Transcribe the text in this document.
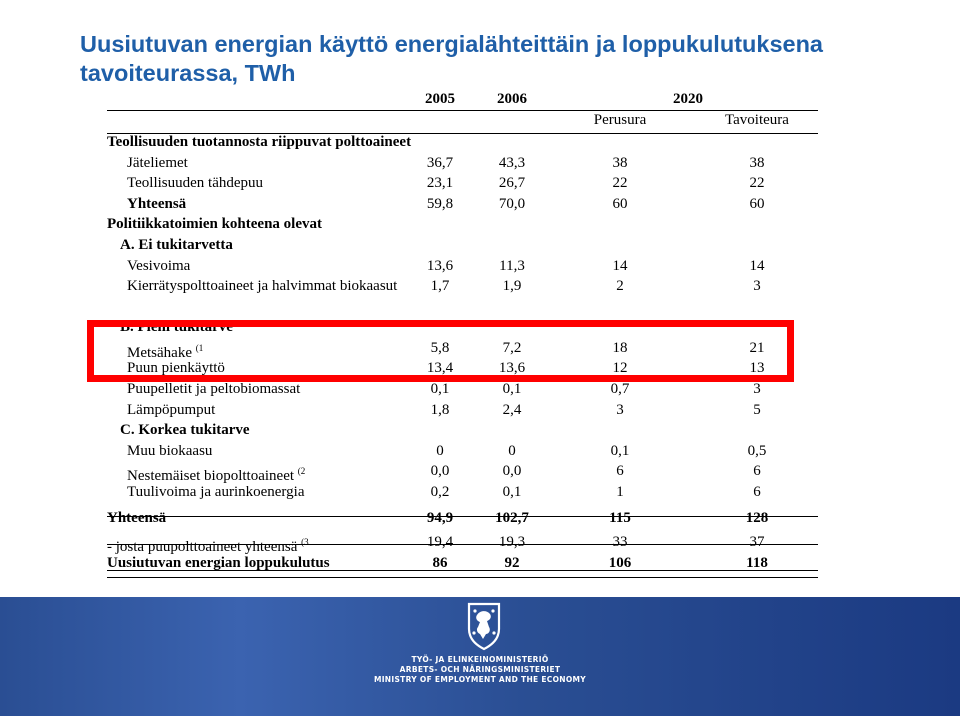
Uusiutuvan energian käyttö energialähteittäin ja loppukulutuksena
tavoiteurassa, TWh
2005	2006	2020
Perusura	Tavoiteura
Teollisuuden tuotannosta riippuvat polttoaineet
Jäteliemet	36,7	43,3	38	38
Teollisuuden tähdepuu	23,1	26,7	22	22
Yhteensä	59,8	70,0	60	60
Politiikkatoimien kohteena olevat
A. Ei tukitarvetta
Vesivoima	13,6	11,3	14	14
Kierrätyspolttoaineet ja halvimmat biokaasut	1,7	1,9	2	3
B. Pieni tukitarve
Metsähake $^{(1}$	5,8	7,2	18	21
Puun pienkäyttö	13,4	13,6	12	13
Puupelletit ja peltobiomassat	0,1	0,1	0,7	3
Lämpöpumput	1,8	2,4	3	5
C. Korkea tukitarve
Muu biokaasu	0	0	0,1	0,5
Nestemäiset biopolttoaineet $^{(2}$	0,0	0,0	6	6
Tuulivoima ja aurinkoenergia	0,2	0,1	1	6
Yhteensä	94,9	102,7	115	128
- josta puupolttoaineet yhteensä $^{(3}$	19,4	19,3	33	37
Uusiutuvan energian loppukulutus	86	92	106	118
TYÖ- JA ELINKEINOMINISTERIÖ
ARBETS- OCH NÄRINGSMINISTERIET
MINISTRY OF EMPLOYMENT AND THE ECONOMY
